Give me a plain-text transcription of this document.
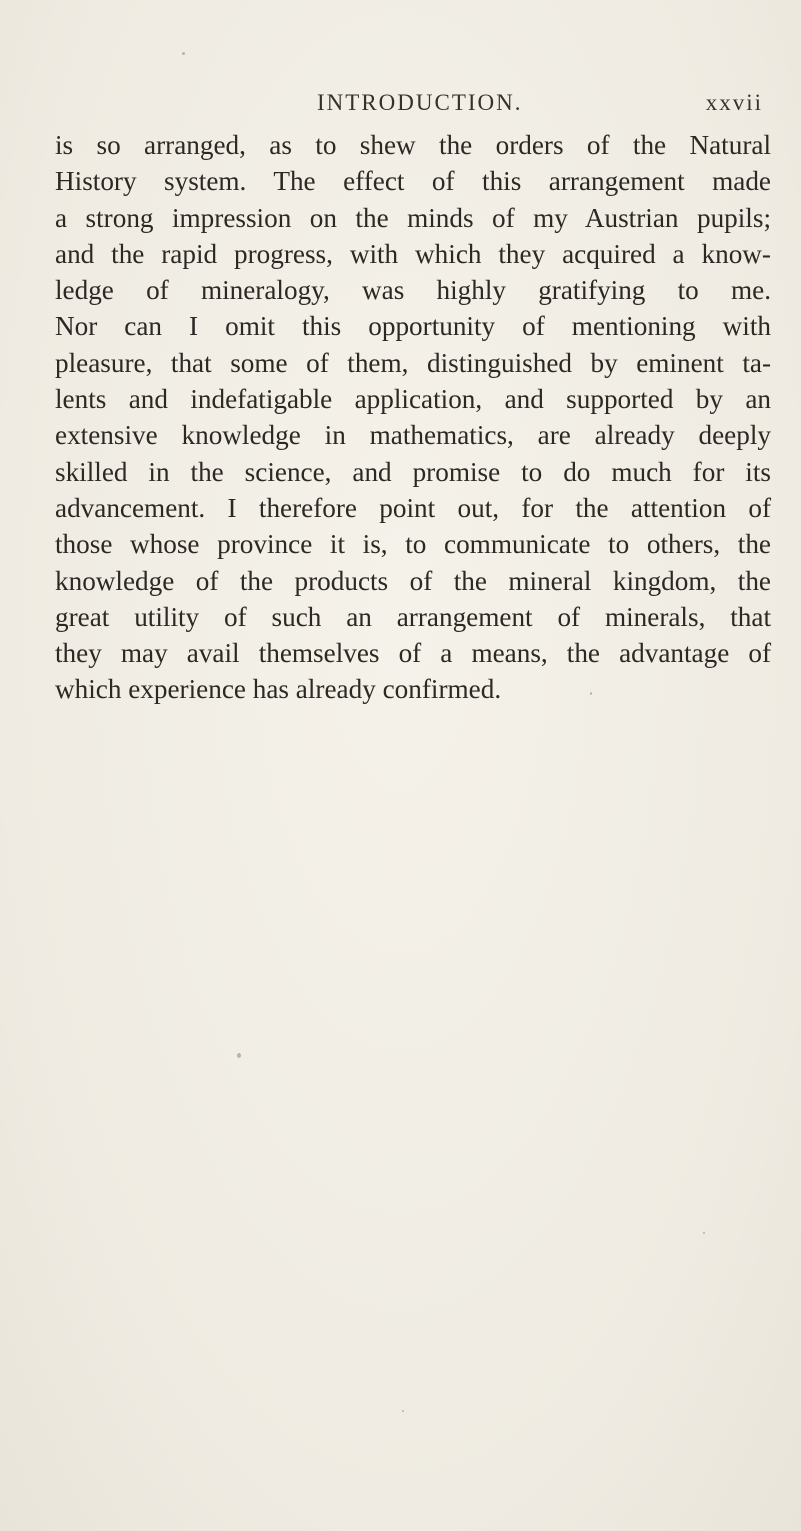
INTRODUCTION.	xxvii
is so arranged, as to shew the orders of the Natural
History system. The effect of this arrangement made
a strong impression on the minds of my Austrian pupils;
and the rapid progress, with which they acquired a know-
ledge of mineralogy, was highly gratifying to me.
Nor can I omit this opportunity of mentioning with
pleasure, that some of them, distinguished by eminent ta-
lents and indefatigable application, and supported by an
extensive knowledge in mathematics, are already deeply
skilled in the science, and promise to do much for its
advancement. I therefore point out, for the attention of
those whose province it is, to communicate to others, the
knowledge of the products of the mineral kingdom, the
great utility of such an arrangement of minerals, that
they may avail themselves of a means, the advantage of
which experience has already confirmed.
